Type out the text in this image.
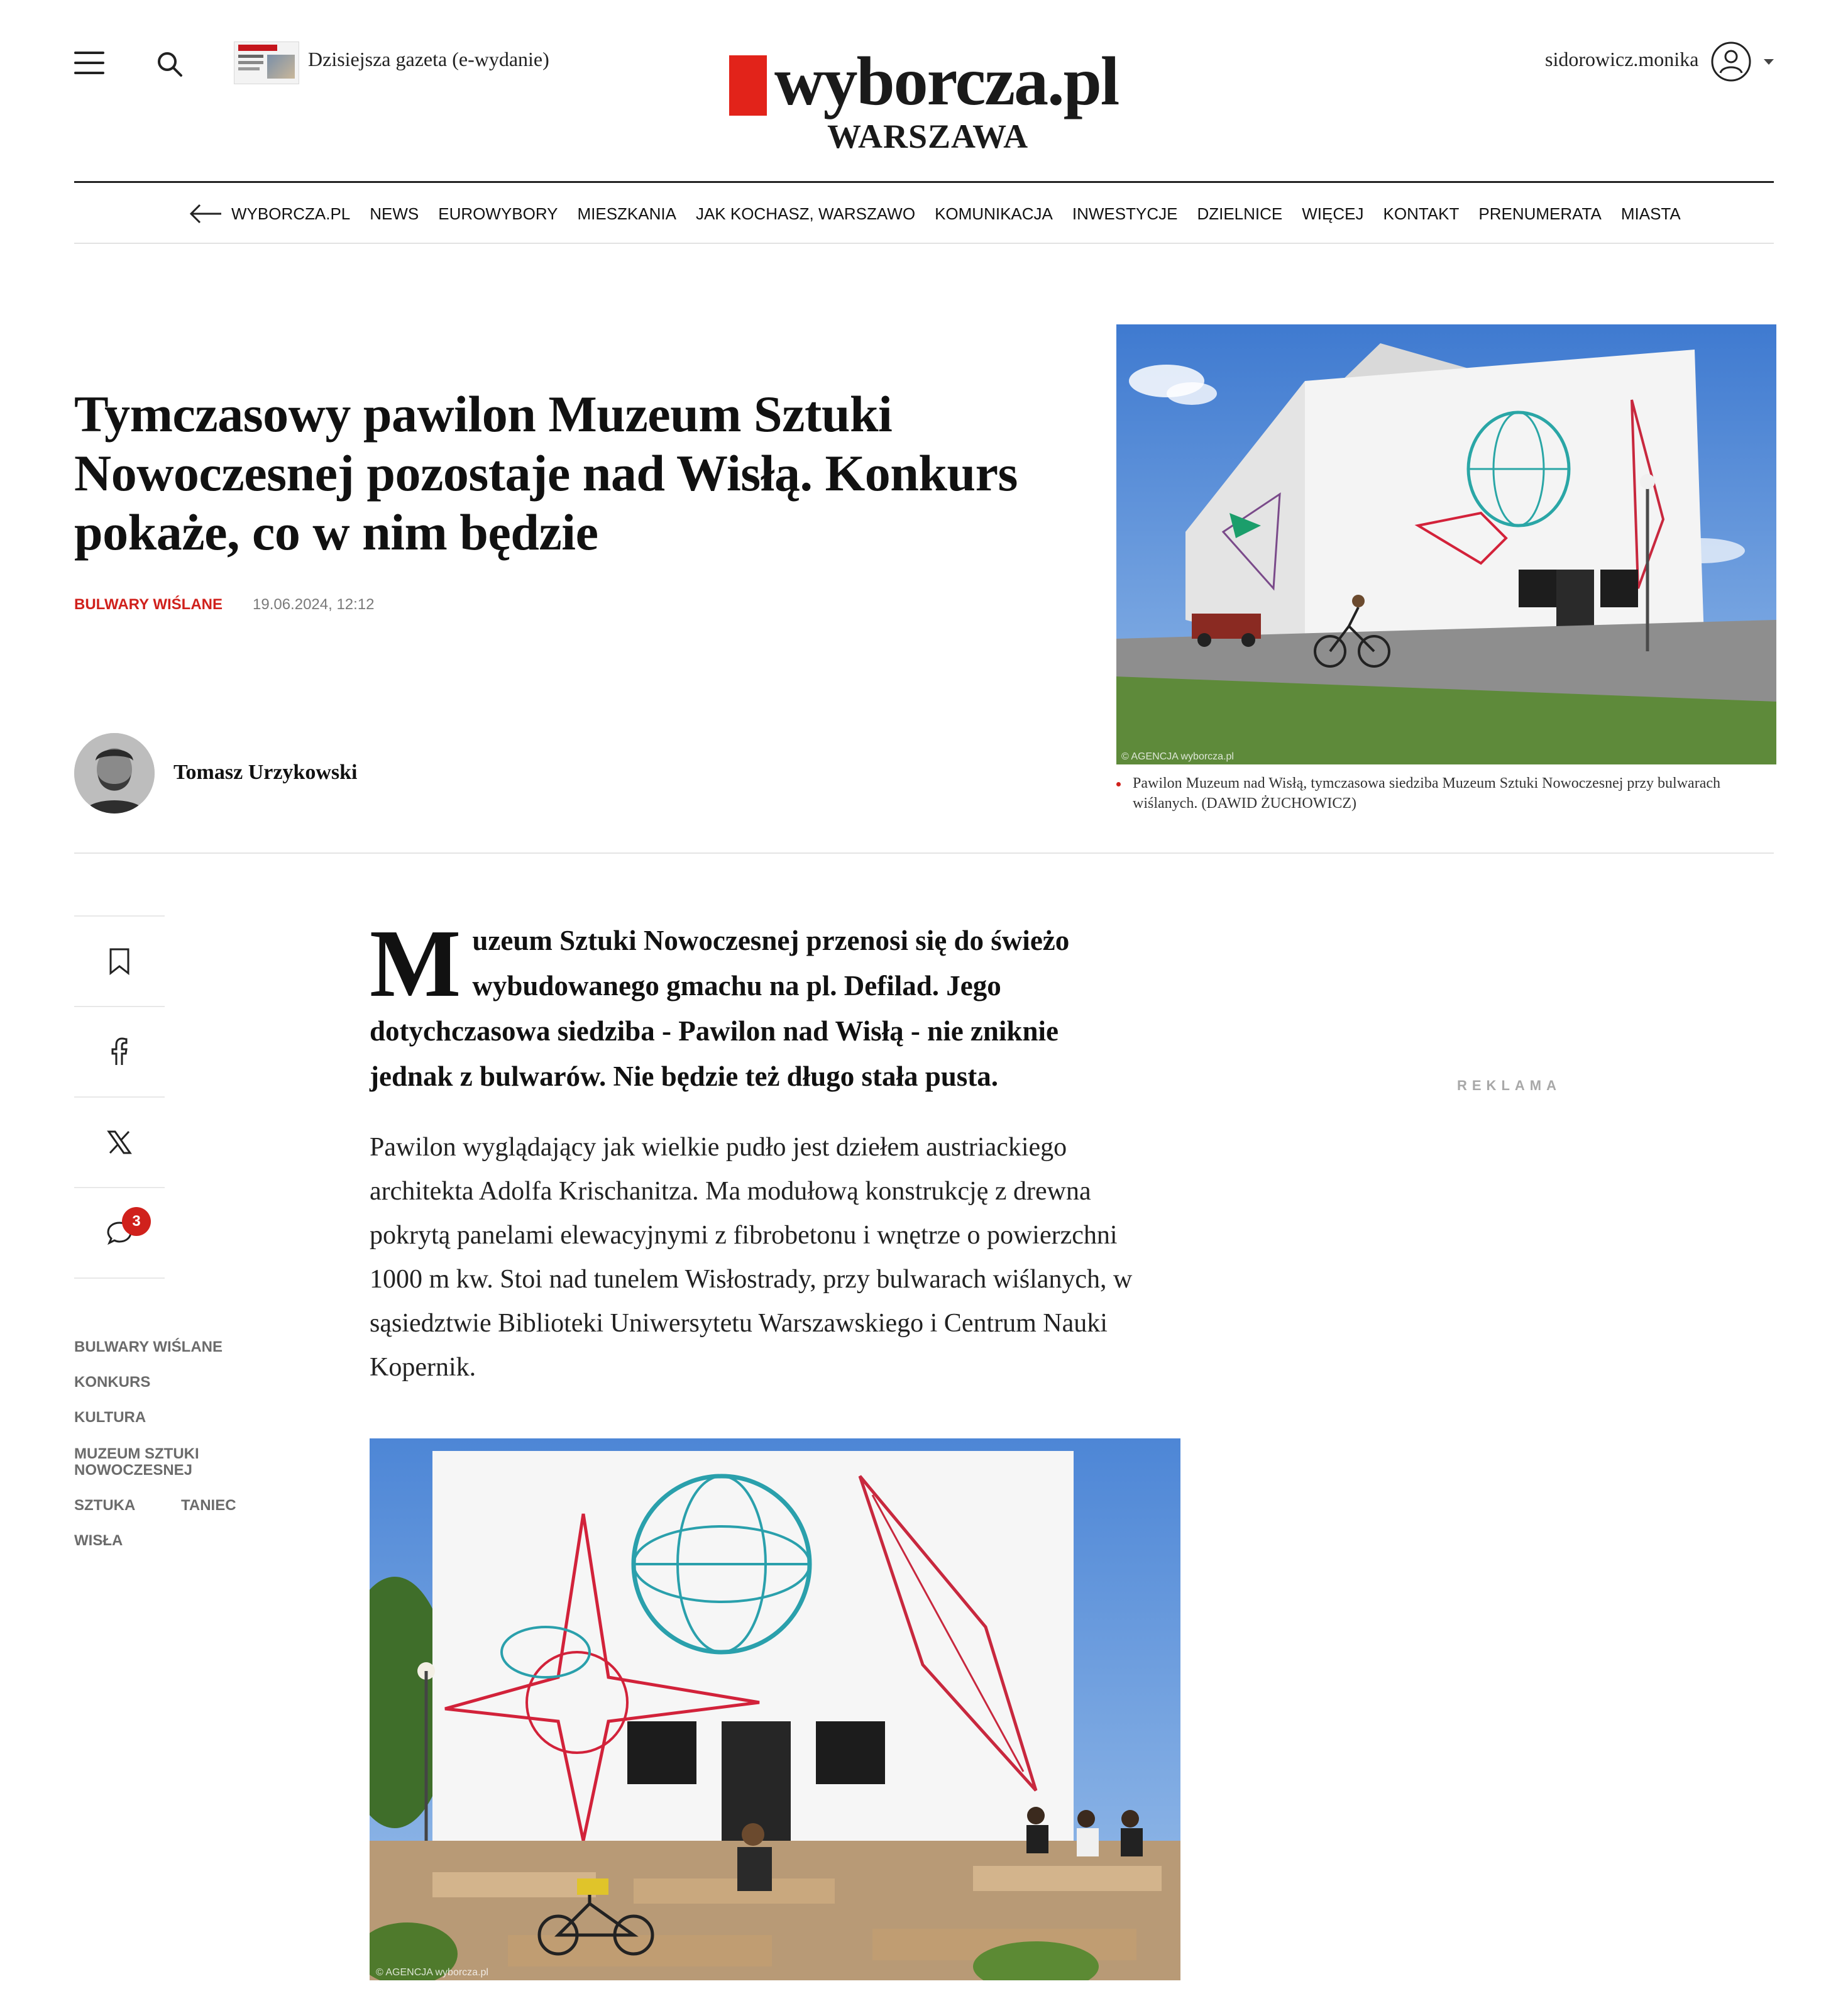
Dzisiejsza gazeta (e-wydanie)	wyborcza.pl
WARSZAWA
sidorowicz.monika
WYBORCZA.PL NEWS EUROWYBORY MIESZKANIA JAK KOCHASZ, WARSZAWO KOMUNIKACJA INWESTYCJE DZIELNICE WIĘCEJ KONTAKT PRENUMERATA MIASTA
Tymczasowy pawilon Muzeum Sztuki Nowoczesnej pozostaje nad Wisłą. Konkurs pokaże, co w nim będzie
BULWARY WIŚLANE 19.06.2024, 12:12
Tomasz Urzykowski
© AGENCJA wyborcza.pl
Pawilon Muzeum nad Wisłą, tymczasowa siedziba Muzeum Sztuki Nowoczesnej przy bulwarach wiślanych. (DAWID ŻUCHOWICZ)
3
BULWARY WIŚLANE
KONKURS
KULTURA
MUZEUM SZTUKI NOWOCZESNEJ
SZTUKA	TANIEC
WISŁA
Muzeum Sztuki Nowoczesnej przenosi się do świeżo wybudowanego gmachu na pl. Defilad. Jego dotychczasowa siedziba - Pawilon nad Wisłą - nie zniknie jednak z bulwarów. Nie będzie też długo stała pusta.
Pawilon wyglądający jak wielkie pudło jest dziełem austriackiego architekta Adolfa Krischanitza. Ma modułową konstrukcję z drewna pokrytą panelami elewacyjnymi z fibrobetonu i wnętrze o powierzchni 1000 m kw. Stoi nad tunelem Wisłostrady, przy bulwarach wiślanych, w sąsiedztwie Biblioteki Uniwersytetu Warszawskiego i Centrum Nauki Kopernik.
REKLAMA
© AGENCJA wyborcza.pl
